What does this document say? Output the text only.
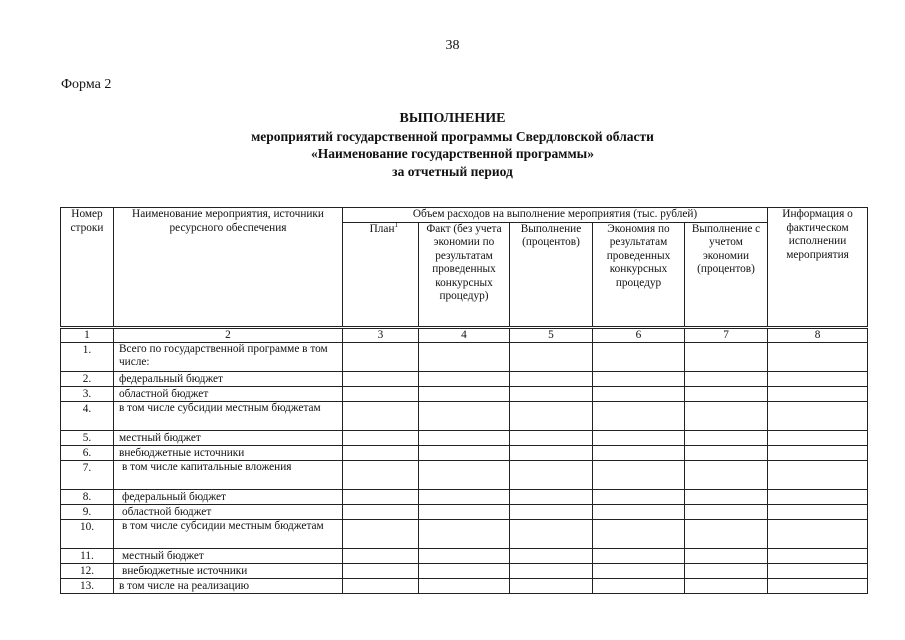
38
Форма 2
ВЫПОЛНЕНИЕ
мероприятий государственной программы Свердловской области
«Наименование государственной программы»
за отчетный период
Номер строки	Наименование мероприятия, источники ресурсного обеспечения	Объем расходов на выполнение мероприятия (тыс. рублей)					Информация о фактическом исполнении мероприятия
		План$^1$	Факт (без учета экономии по результатам проведенных конкурсных процедур)	Выполнение (процентов)	Экономия по результатам проведенных конкурсных процедур	Выполнение с учетом экономии (процентов)	

1	2	3	4	5	6	7	8
1.	Всего по государственной программе в том числе:						
2.	федеральный бюджет						
3.	областной бюджет						
4.	в том числе субсидии местным бюджетам						
5.	местный бюджет						
6.	внебюджетные источники						
7.	в том числе капитальные вложения						
8.	федеральный бюджет						
9.	областной бюджет						
10.	в том числе субсидии местным бюджетам						
11.	местный бюджет						
12.	внебюджетные источники						
13.	в том числе на реализацию						
